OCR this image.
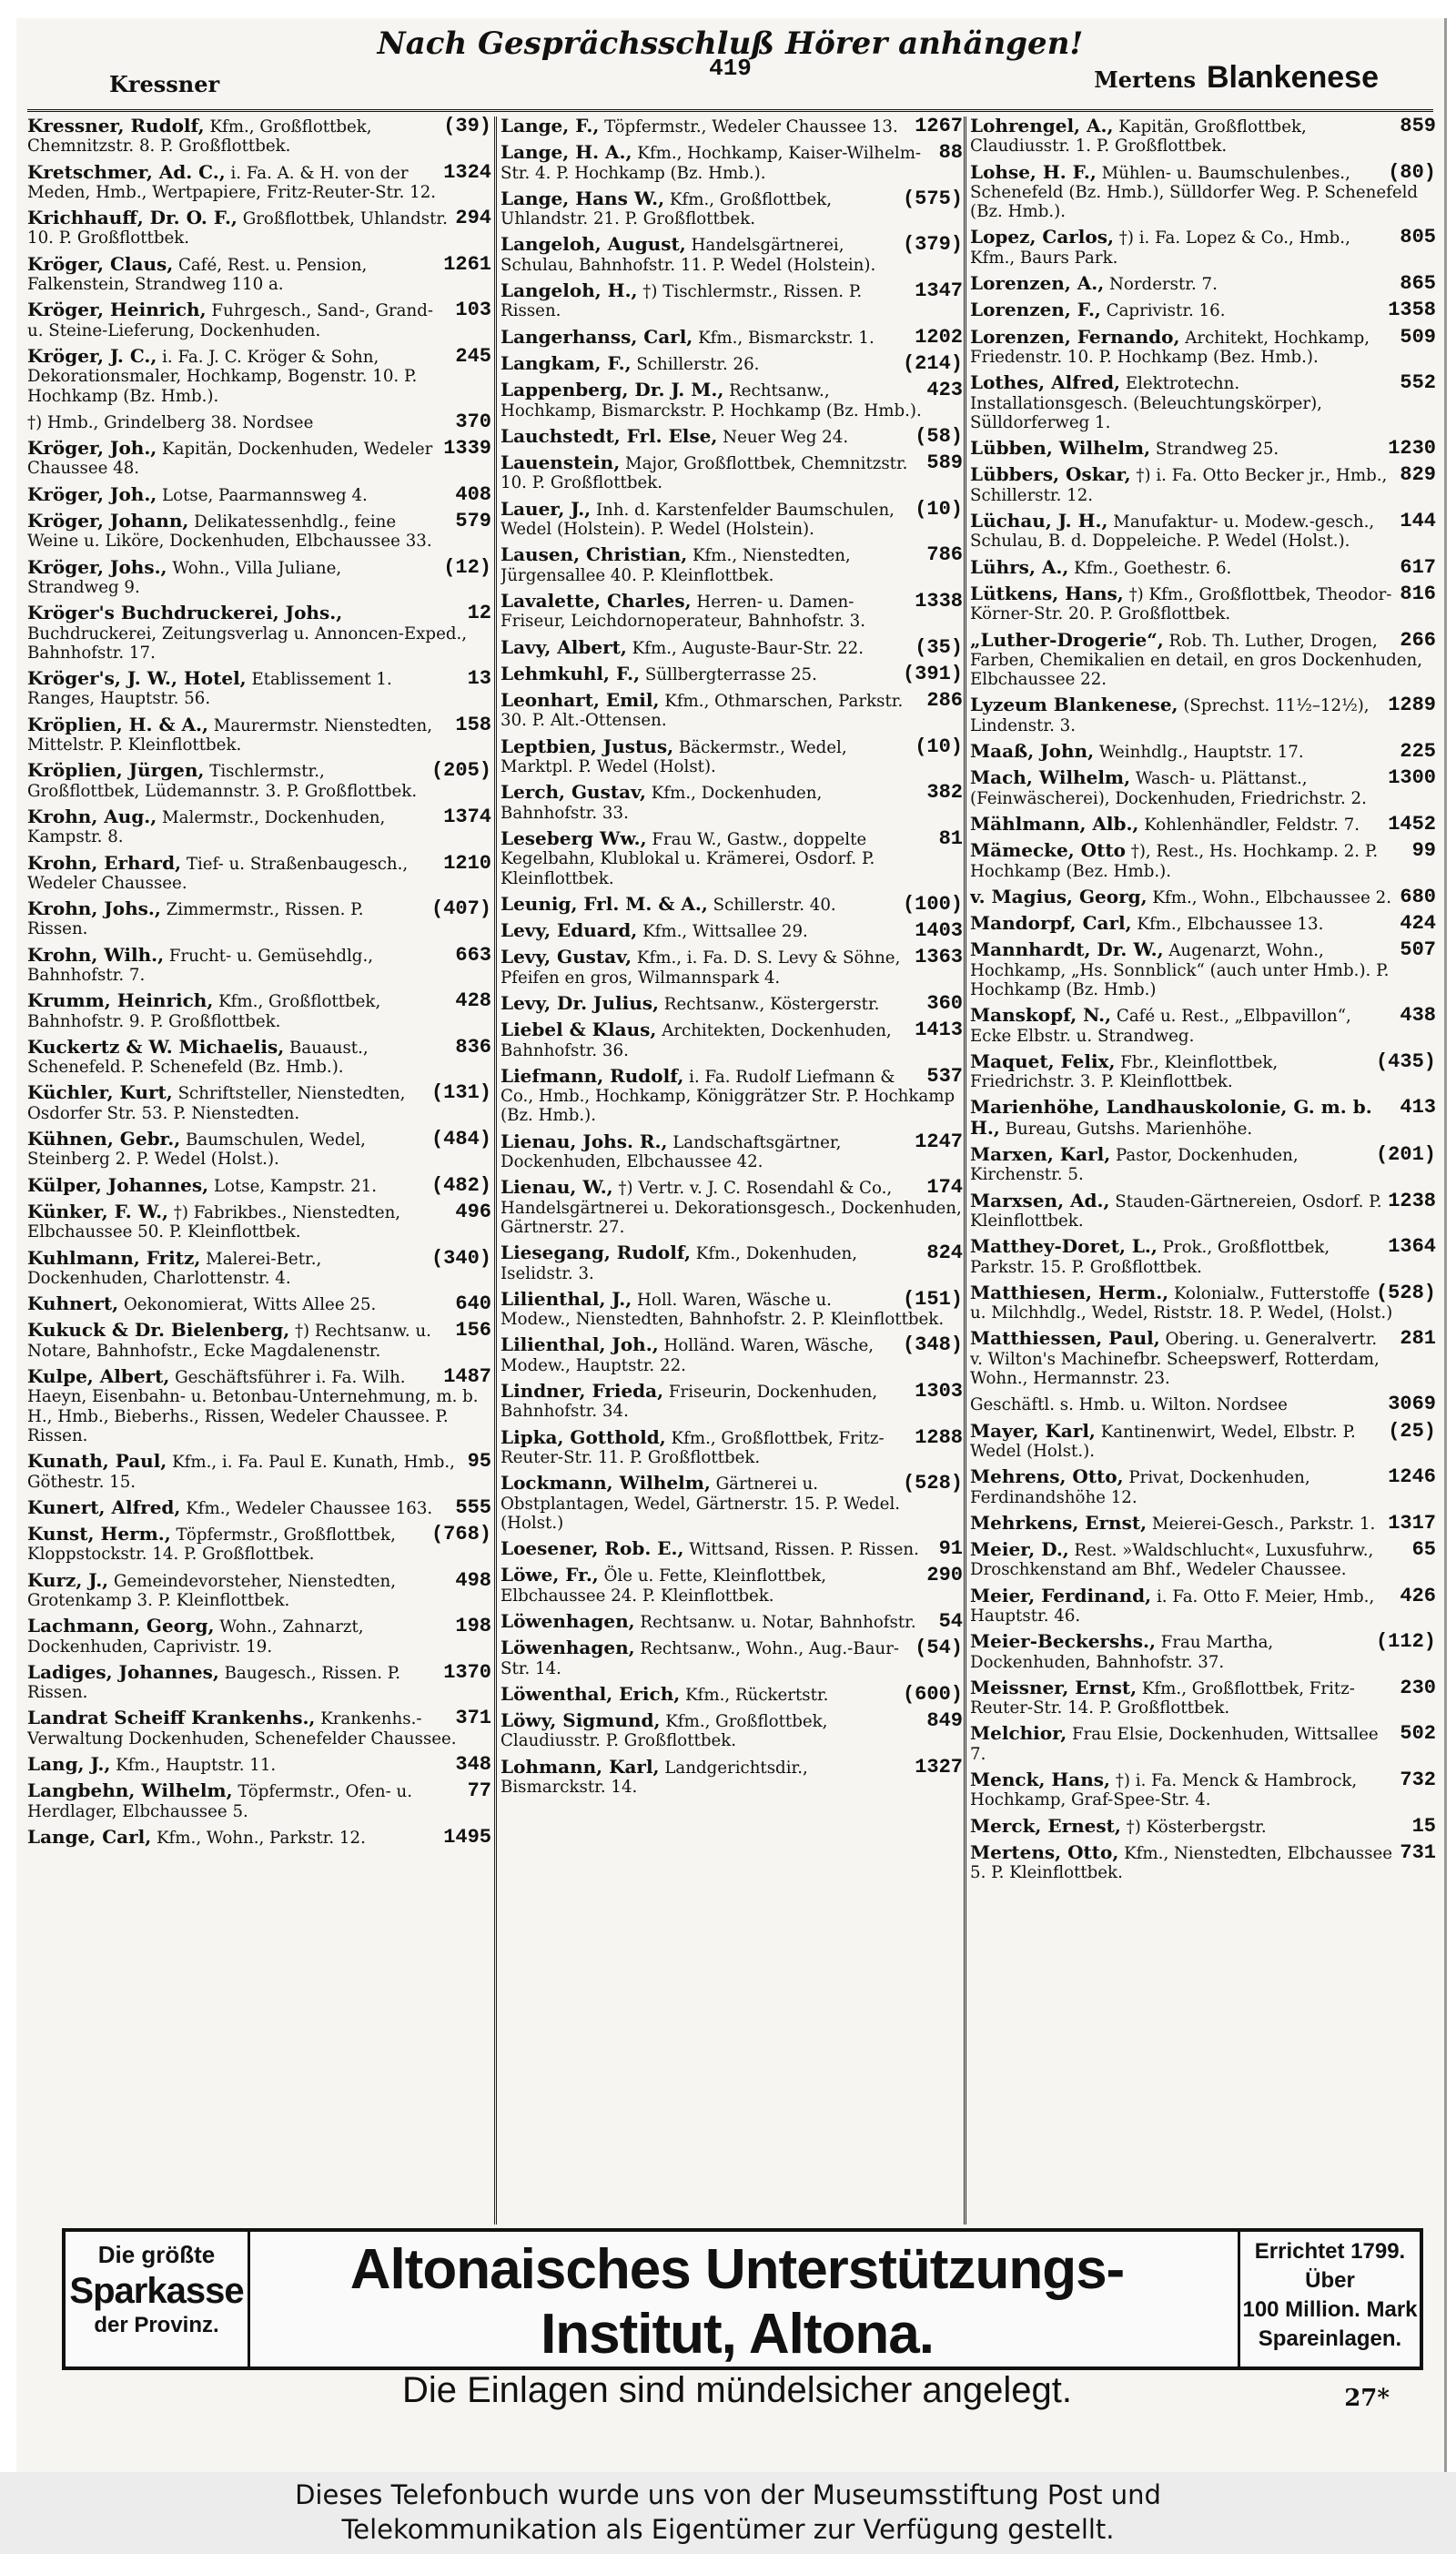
Nach Gesprächsschluß Hörer anhängen!
Kressner
419	Mertens Blankenese
(39)
Kressner, Rudolf, Kfm., Großflottbek, Chemnitzstr. 8. P. Großflottbek.
1324
Kretschmer, Ad. C., i. Fa. A. & H. von der Meden, Hmb., Wertpapiere, Fritz-Reuter-Str. 12.
294
Krichhauff, Dr. O. F., Großflottbek, Uhlandstr. 10. P. Großflottbek.
1261
Kröger, Claus, Café, Rest. u. Pension, Falkenstein, Strandweg 110 a.
103
Kröger, Heinrich, Fuhrgesch., Sand-, Grand- u. Steine-Lieferung, Dockenhuden.
245
Kröger, J. C., i. Fa. J. C. Kröger & Sohn, Dekorationsmaler, Hochkamp, Bogenstr. 10. P. Hochkamp (Bz. Hmb.).
370
†) Hmb., Grindelberg 38. Nordsee
1339
Kröger, Joh., Kapitän, Dockenhuden, Wedeler Chaussee 48.
408
Kröger, Joh., Lotse, Paarmannsweg 4.
579
Kröger, Johann, Delikatessenhdlg., feine Weine u. Liköre, Dockenhuden, Elbchaussee 33.
(12)
Kröger, Johs., Wohn., Villa Juliane, Strandweg 9.
12
Kröger's Buchdruckerei, Johs., Buchdruckerei, Zeitungsverlag u. Annoncen-Exped., Bahnhofstr. 17.
13
Kröger's, J. W., Hotel, Etablissement 1. Ranges, Hauptstr. 56.
158
Kröplien, H. & A., Maurermstr. Nienstedten, Mittelstr. P. Kleinflottbek.
(205)
Kröplien, Jürgen, Tischlermstr., Großflottbek, Lüdemannstr. 3. P. Großflottbek.
1374
Krohn, Aug., Malermstr., Dockenhuden, Kampstr. 8.
1210
Krohn, Erhard, Tief- u. Straßenbaugesch., Wedeler Chaussee.
(407)
Krohn, Johs., Zimmermstr., Rissen. P. Rissen.
663
Krohn, Wilh., Frucht- u. Gemüsehdlg., Bahnhofstr. 7.
428
Krumm, Heinrich, Kfm., Großflottbek, Bahnhofstr. 9. P. Großflottbek.
836
Kuckertz & W. Michaelis, Bauaust., Schenefeld. P. Schenefeld (Bz. Hmb.).
(131)
Küchler, Kurt, Schriftsteller, Nienstedten, Osdorfer Str. 53. P. Nienstedten.
(484)
Kühnen, Gebr., Baumschulen, Wedel, Steinberg 2. P. Wedel (Holst.).
(482)
Külper, Johannes, Lotse, Kampstr. 21.
496
Künker, F. W., †) Fabrikbes., Nienstedten, Elbchaussee 50. P. Kleinflottbek.
(340)
Kuhlmann, Fritz, Malerei-Betr., Dockenhuden, Charlottenstr. 4.
640
Kuhnert, Oekonomierat, Witts Allee 25.
156
Kukuck & Dr. Bielenberg, †) Rechtsanw. u. Notare, Bahnhofstr., Ecke Magdalenenstr.
1487
Kulpe, Albert, Geschäftsführer i. Fa. Wilh. Haeyn, Eisenbahn- u. Betonbau-Unternehmung, m. b. H., Hmb., Bieberhs., Rissen, Wedeler Chaussee. P. Rissen.
95
Kunath, Paul, Kfm., i. Fa. Paul E. Kunath, Hmb., Göthestr. 15.
555
Kunert, Alfred, Kfm., Wedeler Chaussee 163.
(768)
Kunst, Herm., Töpfermstr., Großflottbek, Kloppstockstr. 14. P. Großflottbek.
498
Kurz, J., Gemeindevorsteher, Nienstedten, Grotenkamp 3. P. Kleinflottbek.
198
Lachmann, Georg, Wohn., Zahnarzt, Dockenhuden, Caprivistr. 19.
1370
Ladiges, Johannes, Baugesch., Rissen. P. Rissen.
371
Landrat Scheiff Krankenhs., Krankenhs.-Verwaltung Dockenhuden, Schenefelder Chaussee.
348
Lang, J., Kfm., Hauptstr. 11.
77
Langbehn, Wilhelm, Töpfermstr., Ofen- u. Herdlager, Elbchaussee 5.
1495
Lange, Carl, Kfm., Wohn., Parkstr. 12.
1267
Lange, F., Töpfermstr., Wedeler Chaussee 13.
88
Lange, H. A., Kfm., Hochkamp, Kaiser-Wilhelm-Str. 4. P. Hochkamp (Bz. Hmb.).
(575)
Lange, Hans W., Kfm., Großflottbek, Uhlandstr. 21. P. Großflottbek.
(379)
Langeloh, August, Handelsgärtnerei, Schulau, Bahnhofstr. 11. P. Wedel (Holstein).
1347
Langeloh, H., †) Tischlermstr., Rissen. P. Rissen.
1202
Langerhanss, Carl, Kfm., Bismarckstr. 1.
(214)
Langkam, F., Schillerstr. 26.
423
Lappenberg, Dr. J. M., Rechtsanw., Hochkamp, Bismarckstr. P. Hochkamp (Bz. Hmb.).
(58)
Lauchstedt, Frl. Else, Neuer Weg 24.
589
Lauenstein, Major, Großflottbek, Chemnitzstr. 10. P. Großflottbek.
(10)
Lauer, J., Inh. d. Karstenfelder Baumschulen, Wedel (Holstein). P. Wedel (Holstein).
786
Lausen, Christian, Kfm., Nienstedten, Jürgensallee 40. P. Kleinflottbek.
1338
Lavalette, Charles, Herren- u. Damen-Friseur, Leichdornoperateur, Bahnhofstr. 3.
(35)
Lavy, Albert, Kfm., Auguste-Baur-Str. 22.
(391)
Lehmkuhl, F., Süllbergterrasse 25.
286
Leonhart, Emil, Kfm., Othmarschen, Parkstr. 30. P. Alt.-Ottensen.
(10)
Leptbien, Justus, Bäckermstr., Wedel, Marktpl. P. Wedel (Holst).
382
Lerch, Gustav, Kfm., Dockenhuden, Bahnhofstr. 33.
81
Leseberg Ww., Frau W., Gastw., doppelte Kegelbahn, Klublokal u. Krämerei, Osdorf. P. Kleinflottbek.
(100)
Leunig, Frl. M. & A., Schillerstr. 40.
1403
Levy, Eduard, Kfm., Wittsallee 29.
1363
Levy, Gustav, Kfm., i. Fa. D. S. Levy & Söhne, Pfeifen en gros, Wilmannspark 4.
360
Levy, Dr. Julius, Rechtsanw., Köstergerstr.
1413
Liebel & Klaus, Architekten, Dockenhuden, Bahnhofstr. 36.
537
Liefmann, Rudolf, i. Fa. Rudolf Liefmann & Co., Hmb., Hochkamp, Königgrätzer Str. P. Hochkamp (Bz. Hmb.).
1247
Lienau, Johs. R., Landschaftsgärtner, Dockenhuden, Elbchaussee 42.
174
Lienau, W., †) Vertr. v. J. C. Rosendahl & Co., Handelsgärtnerei u. Dekorationsgesch., Dockenhuden, Gärtnerstr. 27.
824
Liesegang, Rudolf, Kfm., Dokenhuden, Iselidstr. 3.
(151)
Lilienthal, J., Holl. Waren, Wäsche u. Modew., Nienstedten, Bahnhofstr. 2. P. Kleinflottbek.
(348)
Lilienthal, Joh., Holländ. Waren, Wäsche, Modew., Hauptstr. 22.
1303
Lindner, Frieda, Friseurin, Dockenhuden, Bahnhofstr. 34.
1288
Lipka, Gotthold, Kfm., Großflottbek, Fritz-Reuter-Str. 11. P. Großflottbek.
(528)
Lockmann, Wilhelm, Gärtnerei u. Obstplantagen, Wedel, Gärtnerstr. 15. P. Wedel. (Holst.)
91
Loesener, Rob. E., Wittsand, Rissen. P. Rissen.
290
Löwe, Fr., Öle u. Fette, Kleinflottbek, Elbchaussee 24. P. Kleinflottbek.
54
Löwenhagen, Rechtsanw. u. Notar, Bahnhofstr.
(54)
Löwenhagen, Rechtsanw., Wohn., Aug.-Baur-Str. 14.
(600)
Löwenthal, Erich, Kfm., Rückertstr.
849
Löwy, Sigmund, Kfm., Großflottbek, Claudiusstr. P. Großflottbek.
1327
Lohmann, Karl, Landgerichtsdir., Bismarckstr. 14.
859
Lohrengel, A., Kapitän, Großflottbek, Claudiusstr. 1. P. Großflottbek.
(80)
Lohse, H. F., Mühlen- u. Baumschulenbes., Schenefeld (Bz. Hmb.), Sülldorfer Weg. P. Schenefeld (Bz. Hmb.).
805
Lopez, Carlos, †) i. Fa. Lopez & Co., Hmb., Kfm., Baurs Park.
865
Lorenzen, A., Norderstr. 7.
1358
Lorenzen, F., Caprivistr. 16.
509
Lorenzen, Fernando, Architekt, Hochkamp, Friedenstr. 10. P. Hochkamp (Bez. Hmb.).
552
Lothes, Alfred, Elektrotechn. Installationsgesch. (Beleuchtungskörper), Sülldorferweg 1.
1230
Lübben, Wilhelm, Strandweg 25.
829
Lübbers, Oskar, †) i. Fa. Otto Becker jr., Hmb., Schillerstr. 12.
144
Lüchau, J. H., Manufaktur- u. Modew.-gesch., Schulau, B. d. Doppeleiche. P. Wedel (Holst.).
617
Lührs, A., Kfm., Goethestr. 6.
816
Lütkens, Hans, †) Kfm., Großflottbek, Theodor-Körner-Str. 20. P. Großflottbek.
266
„Luther-Drogerie“, Rob. Th. Luther, Drogen, Farben, Chemikalien en detail, en gros Dockenhuden, Elbchaussee 22.
1289
Lyzeum Blankenese, (Sprechst. 11½–12½), Lindenstr. 3.
225
Maaß, John, Weinhdlg., Hauptstr. 17.
1300
Mach, Wilhelm, Wasch- u. Plättanst., (Feinwäscherei), Dockenhuden, Friedrichstr. 2.
1452
Mählmann, Alb., Kohlenhändler, Feldstr. 7.
99
Mämecke, Otto †), Rest., Hs. Hochkamp. 2. P. Hochkamp (Bez. Hmb.).
680
v. Magius, Georg, Kfm., Wohn., Elbchaussee 2.
424
Mandorpf, Carl, Kfm., Elbchaussee 13.
507
Mannhardt, Dr. W., Augenarzt, Wohn., Hochkamp, „Hs. Sonnblick“ (auch unter Hmb.). P. Hochkamp (Bz. Hmb.)
438
Manskopf, N., Café u. Rest., „Elbpavillon“, Ecke Elbstr. u. Strandweg.
(435)
Maquet, Felix, Fbr., Kleinflottbek, Friedrichstr. 3. P. Kleinflottbek.
413
Marienhöhe, Landhauskolonie, G. m. b. H., Bureau, Gutshs. Marienhöhe.
(201)
Marxen, Karl, Pastor, Dockenhuden, Kirchenstr. 5.
1238
Marxsen, Ad., Stauden-Gärtnereien, Osdorf. P. Kleinflottbek.
1364
Matthey-Doret, L., Prok., Großflottbek, Parkstr. 15. P. Großflottbek.
(528)
Matthiesen, Herm., Kolonialw., Futterstoffe u. Milchhdlg., Wedel, Riststr. 18. P. Wedel, (Holst.)
281
Matthiessen, Paul, Obering. u. Generalvertr. v. Wilton's Machinefbr. Scheepswerf, Rotterdam, Wohn., Hermannstr. 23.
3069
Geschäftl. s. Hmb. u. Wilton. Nordsee
(25)
Mayer, Karl, Kantinenwirt, Wedel, Elbstr. P. Wedel (Holst.).
1246
Mehrens, Otto, Privat, Dockenhuden, Ferdinandshöhe 12.
1317
Mehrkens, Ernst, Meierei-Gesch., Parkstr. 1.
65
Meier, D., Rest. »Waldschlucht«, Luxusfuhrw., Droschkenstand am Bhf., Wedeler Chaussee.
426
Meier, Ferdinand, i. Fa. Otto F. Meier, Hmb., Hauptstr. 46.
(112)
Meier-Beckershs., Frau Martha, Dockenhuden, Bahnhofstr. 37.
230
Meissner, Ernst, Kfm., Großflottbek, Fritz-Reuter-Str. 14. P. Großflottbek.
502
Melchior, Frau Elsie, Dockenhuden, Wittsallee 7.
732
Menck, Hans, †) i. Fa. Menck & Hambrock, Hochkamp, Graf-Spee-Str. 4.
15
Merck, Ernest, †) Kösterbergstr.
731
Mertens, Otto, Kfm., Nienstedten, Elbchaussee 5. P. Kleinflottbek.
Die größte
Sparkasse
der Provinz.
Altonaisches Unterstützungs-Institut, Altona.
Die Einlagen sind mündelsicher angelegt.
Errichtet 1799.
Über
100 Million. Mark
Spareinlagen.
27*
Dieses Telefonbuch wurde uns von der Museumsstiftung Post und
Telekommunikation als Eigentümer zur Verfügung gestellt.
